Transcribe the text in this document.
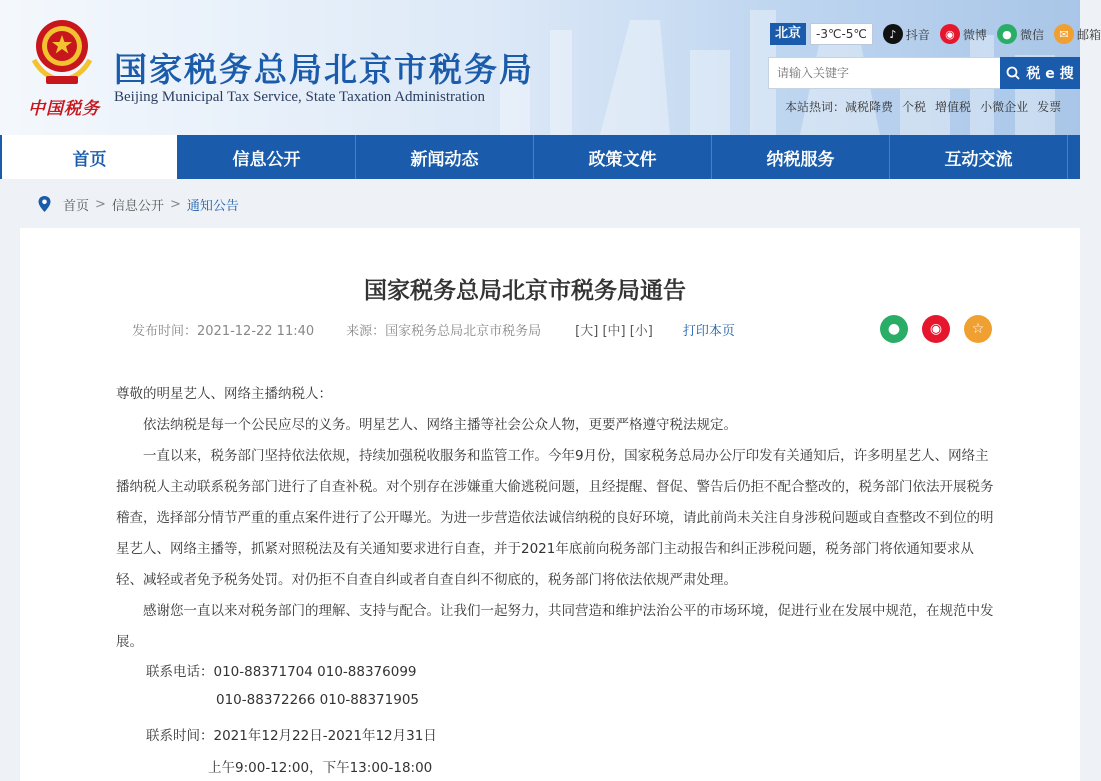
中国税务
国家税务总局北京市税务局
Beijing Municipal Tax Service, State Taxation Administration
北京	-3℃-5℃	♪ 抖音	◉ 微博	● 微信	✉ 邮箱
请输入关键字
税 e 搜
本站热词： 减税降费 个税 增值税 小微企业 发票
首页	信息公开	新闻动态	政策文件	纳税服务	互动交流
首页 > 信息公开 > 通知公告
国家税务总局北京市税务局通告
发布时间：2021-12-22 11:40 来源：国家税务总局北京市税务局	[大] [中] [小] 打印本页	●	◉	☆

尊敬的明星艺人、网络主播纳税人：

依法纳税是每一个公民应尽的义务。明星艺人、网络主播等社会公众人物，更要严格遵守税法规定。

一直以来，税务部门坚持依法依规，持续加强税收服务和监管工作。今年9月份，国家税务总局办公厅印发有关通知后，许多明星艺人、网络主播纳税人主动联系税务部门进行了自查补税。对个别存在涉嫌重大偷逃税问题，且经提醒、督促、警告后仍拒不配合整改的，税务部门依法开展税务稽查，选择部分情节严重的重点案件进行了公开曝光。为进一步营造依法诚信纳税的良好环境，请此前尚未关注自身涉税问题或自查整改不到位的明星艺人、网络主播等，抓紧对照税法及有关通知要求进行自查，并于2021年底前向税务部门主动报告和纠正涉税问题，税务部门将依通知要求从轻、减轻或者免予税务处罚。对仍拒不自查自纠或者自查自纠不彻底的，税务部门将依法依规严肃处理。

感谢您一直以来对税务部门的理解、支持与配合。让我们一起努力，共同营造和维护法治公平的市场环境，促进行业在发展中规范，在规范中发展。

联系电话：010-88371704 010-88376099
010-88372266 010-88371905
联系时间：2021年12月22日-2021年12月31日
上午9:00-12:00，下午13:00-18:00
